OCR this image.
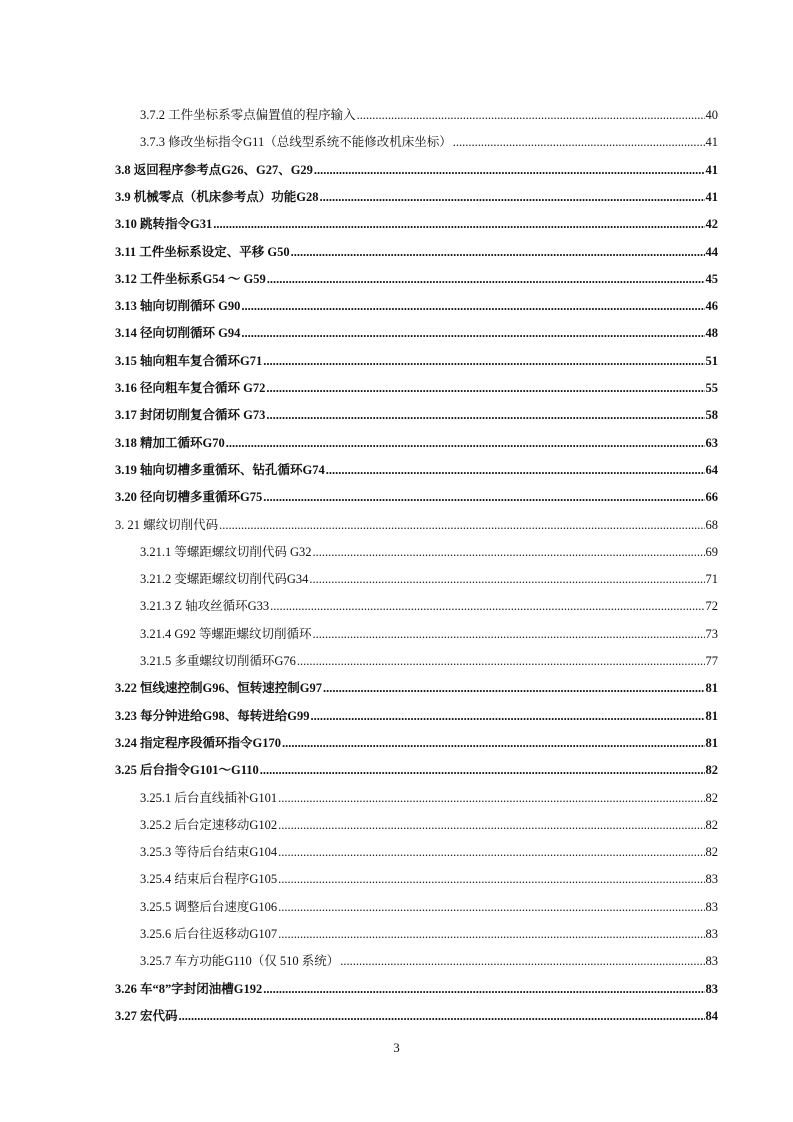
3.7.2 工件坐标系零点偏置值的程序输入 .....	40
3.7.3 修改坐标指令G11（总线型系统不能修改机床坐标） .....	41
3.8 返回程序参考点G26、G27、G29 .....	41
3.9 机械零点（机床参考点）功能G28 .....	41
3.10 跳转指令G31 .....	42
3.11 工件坐标系设定、平移 G50 .....	44
3.12 工件坐标系G54 ～ G59 .....	45
3.13 轴向切削循环 G90 .....	46
3.14 径向切削循环 G94 .....	48
3.15 轴向粗车复合循环G71 .....	51
3.16 径向粗车复合循环 G72 .....	55
3.17 封闭切削复合循环 G73 .....	58
3.18 精加工循环G70 .....	63
3.19 轴向切槽多重循环、钻孔循环G74 .....	64
3.20 径向切槽多重循环G75 .....	66
3. 21 螺纹切削代码 .....	68
3.21.1 等螺距螺纹切削代码 G32 .....	69
3.21.2 变螺距螺纹切削代码G34 .....	71
3.21.3 Z 轴攻丝循环G33 .....	72
3.21.4 G92 等螺距螺纹切削循环 .....	73
3.21.5 多重螺纹切削循环G76 .....	77
3.22 恒线速控制G96、恒转速控制G97 .....	81
3.23 每分钟进给G98、每转进给G99 .....	81
3.24 指定程序段循环指令G170 .....	81
3.25 后台指令G101～G110 .....	82
3.25.1 后台直线插补G101 .....	82
3.25.2 后台定速移动G102 .....	82
3.25.3 等待后台结束G104 .....	82
3.25.4 结束后台程序G105 .....	83
3.25.5 调整后台速度G106 .....	83
3.25.6 后台往返移动G107 .....	83
3.25.7 车方功能G110（仅 510 系统） .....	83
3.26 车“8”字封闭油槽G192 .....	83
3.27 宏代码 .....	84
3
